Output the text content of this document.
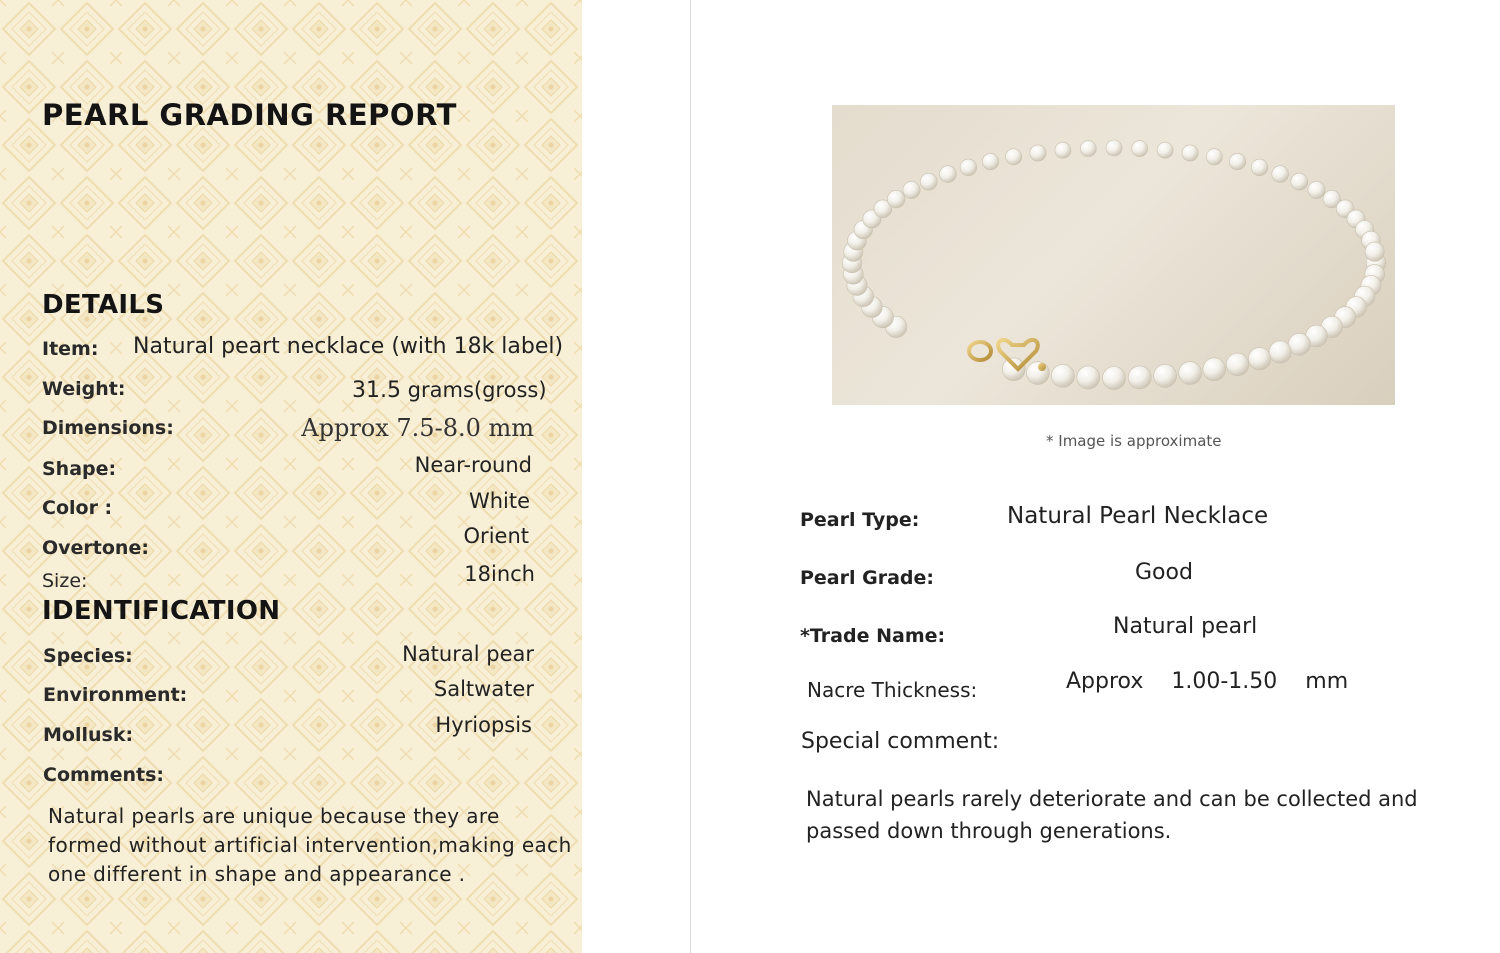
PEARL GRADING REPORT
DETAILS
Item: Natural peart necklace (with 18k label)
Weight:	31.5 grams(gross)
Dimensions:	Approx 7.5-8.0 mm
Shape:	Near-round
Color :	White
Overtone:	Orient
Size:	18inch
IDENTIFICATION
Species:	Natural pear
Environment:	Saltwater
Mollusk:	Hyriopsis
Comments:
Natural pearls are unique because they are formed without artificial intervention,making each one different in shape and appearance .
* Image is approximate
Pearl Type:	Natural Pearl Necklace
Pearl Grade:	Good
*Trade Name:	Natural pearl
Nacre Thickness:	Approx 1.00-1.50 mm
Special comment:
Natural pearls rarely deteriorate and can be collected and passed down through generations.
